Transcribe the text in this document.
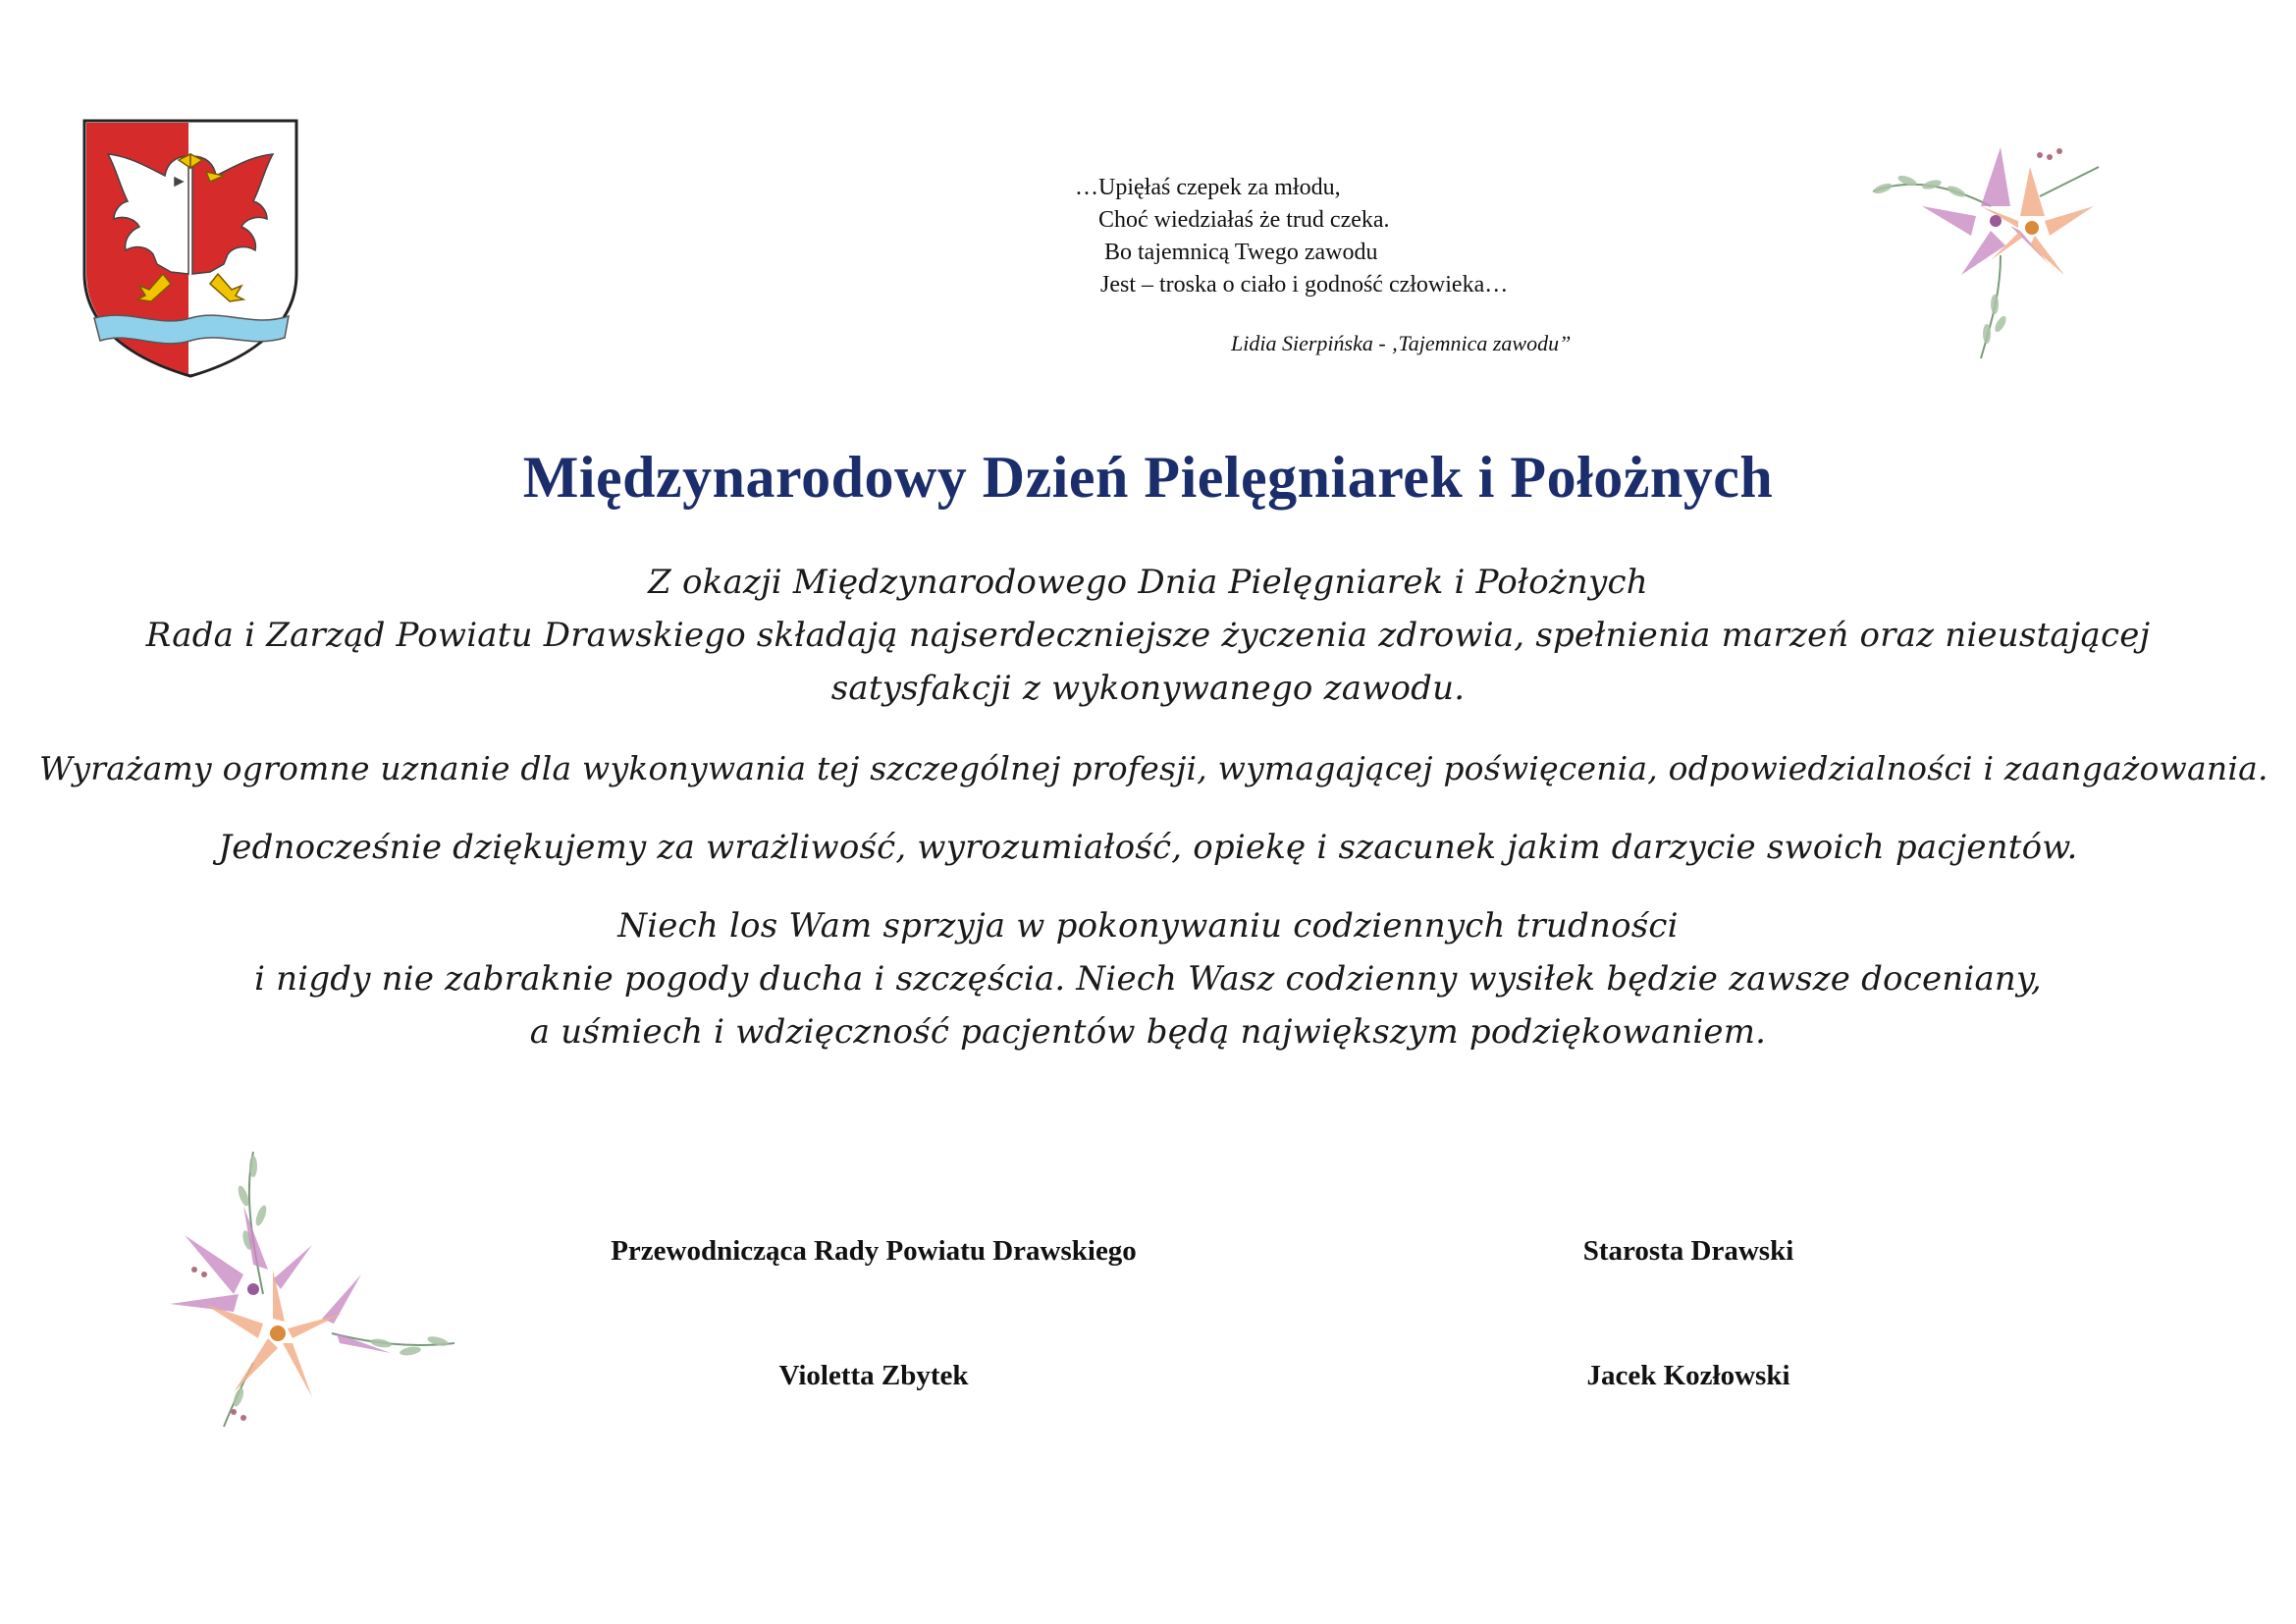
…Upięłaś czepek za młodu,
Choć wiedziałaś że trud czeka.
Bo tajemnicą Twego zawodu
Jest – troska o ciało i godność człowieka…
Lidia Sierpińska - ‚Tajemnica zawodu”
Międzynarodowy Dzień Pielęgniarek i Położnych
Z okazji Międzynarodowego Dnia Pielęgniarek i Położnych
Rada i Zarząd Powiatu Drawskiego składają najserdeczniejsze życzenia zdrowia, spełnienia marzeń oraz nieustającej
satysfakcji z wykonywanego zawodu.
Wyrażamy ogromne uznanie dla wykonywania tej szczególnej profesji, wymagającej poświęcenia, odpowiedzialności i zaangażowania.
Jednocześnie dziękujemy za wrażliwość, wyrozumiałość, opiekę i szacunek jakim darzycie swoich pacjentów.
Niech los Wam sprzyja w pokonywaniu codziennych trudności
i nigdy nie zabraknie pogody ducha i szczęścia. Niech Wasz codzienny wysiłek będzie zawsze doceniany,
a uśmiech i wdzięczność pacjentów będą największym podziękowaniem.
Przewodnicząca Rady Powiatu Drawskiego
Violetta Zbytek
Starosta Drawski
Jacek Kozłowski
